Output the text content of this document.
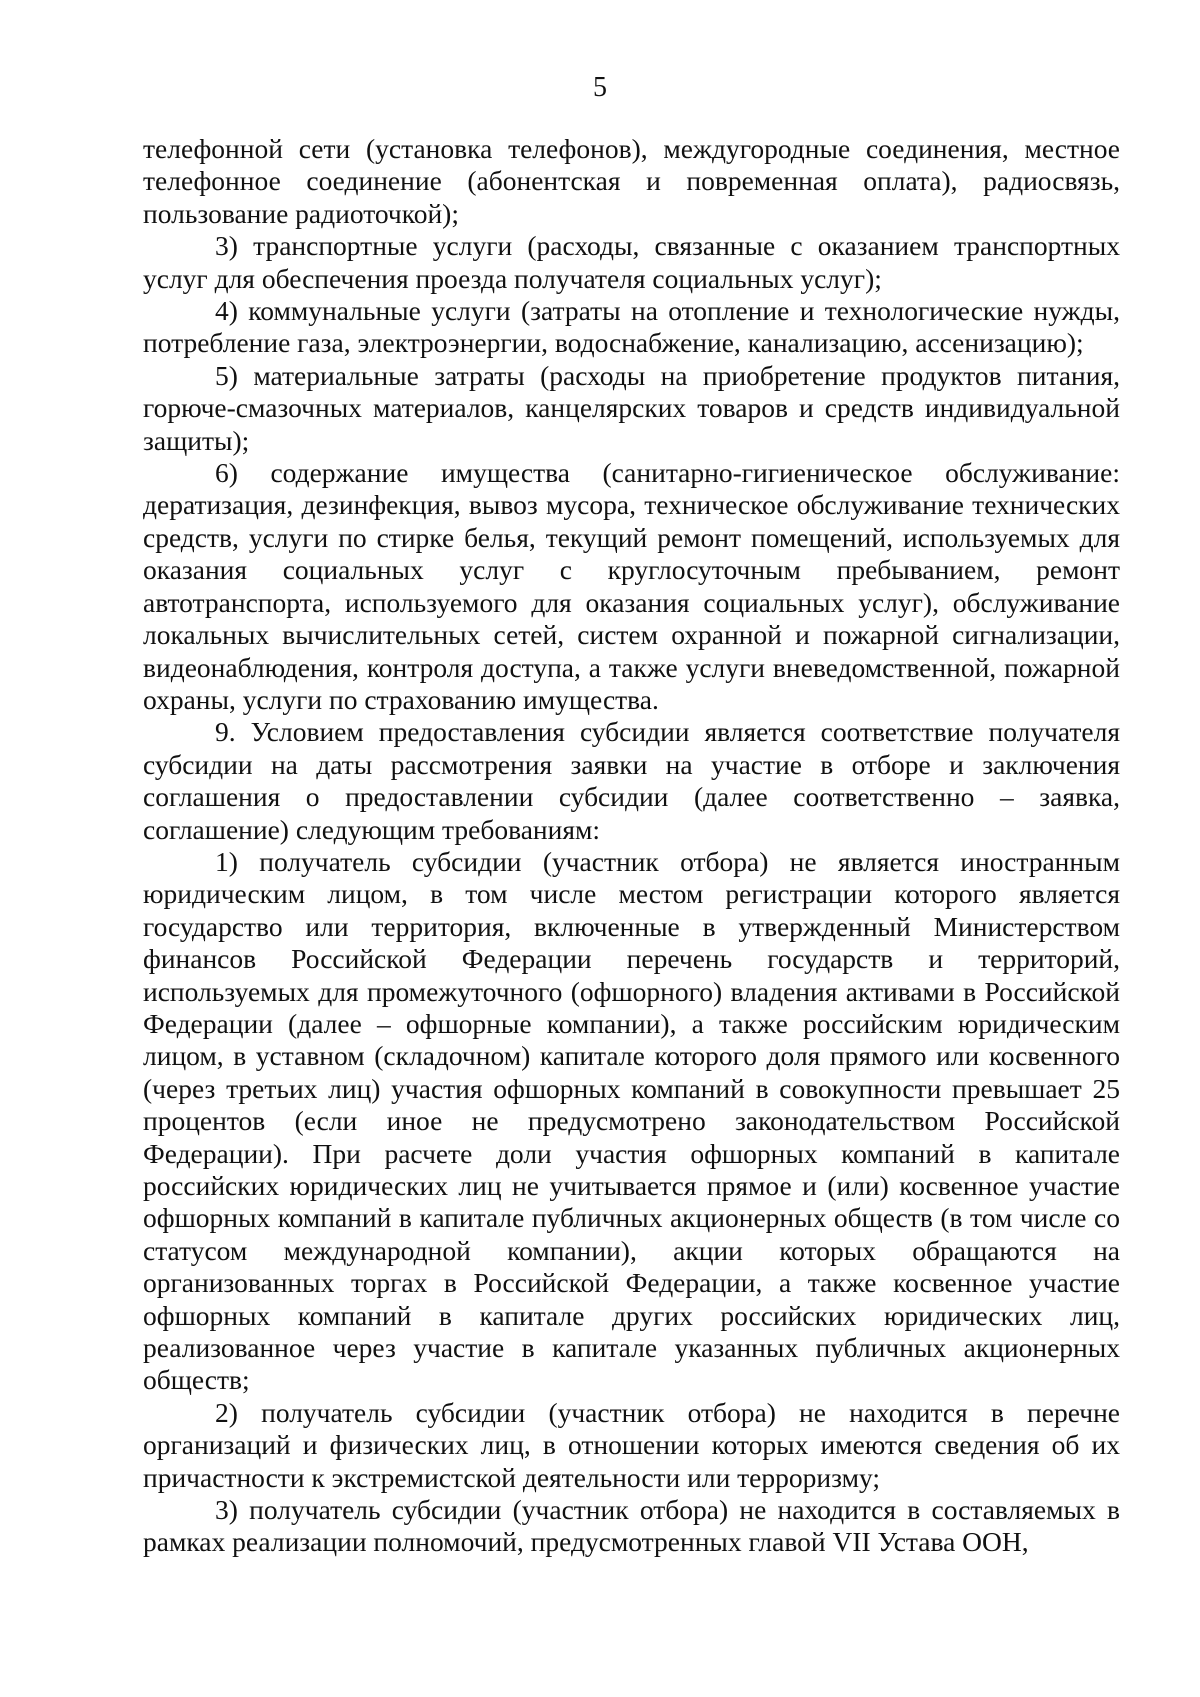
5

телефонной сети (установка телефонов), междугородные соединения, местное телефонное соединение (абонентская и повременная оплата), радиосвязь, пользование радиоточкой);

3) транспортные услуги (расходы, связанные с оказанием транспортных услуг для обеспечения проезда получателя социальных услуг);

4) коммунальные услуги (затраты на отопление и технологические нужды, потребление газа, электроэнергии, водоснабжение, канализацию, ассенизацию);

5) материальные затраты (расходы на приобретение продуктов питания, горюче-смазочных материалов, канцелярских товаров и средств индивидуальной защиты);

6) содержание имущества (санитарно-гигиеническое обслуживание: дератизация, дезинфекция, вывоз мусора, техническое обслуживание технических средств, услуги по стирке белья, текущий ремонт помещений, используемых для оказания социальных услуг с круглосуточным пребыванием, ремонт автотранспорта, используемого для оказания социальных услуг), обслуживание локальных вычислительных сетей, систем охранной и пожарной сигнализации, видеонаблюдения, контроля доступа, а также услуги вневедомственной, пожарной охраны, услуги по страхованию имущества.

9. Условием предоставления субсидии является соответствие получателя субсидии на даты рассмотрения заявки на участие в отборе и заключения соглашения о предоставлении субсидии (далее соответственно – заявка, соглашение) следующим требованиям:

1) получатель субсидии (участник отбора) не является иностранным юридическим лицом, в том числе местом регистрации которого является государство или территория, включенные в утвержденный Министерством финансов Российской Федерации перечень государств и территорий, используемых для промежуточного (офшорного) владения активами в Российской Федерации (далее – офшорные компании), а также российским юридическим лицом, в уставном (складочном) капитале которого доля прямого или косвенного (через третьих лиц) участия офшорных компаний в совокупности превышает 25 процентов (если иное не предусмотрено законодательством Российской Федерации). При расчете доли участия офшорных компаний в капитале российских юридических лиц не учитывается прямое и (или) косвенное участие офшорных компаний в капитале публичных акционерных обществ (в том числе со статусом международной компании), акции которых обращаются на организованных торгах в Российской Федерации, а также косвенное участие офшорных компаний в капитале других российских юридических лиц, реализованное через участие в капитале указанных публичных акционерных обществ;

2) получатель субсидии (участник отбора) не находится в перечне организаций и физических лиц, в отношении которых имеются сведения об их причастности к экстремистской деятельности или терроризму;

3) получатель субсидии (участник отбора) не находится в составляемых в рамках реализации полномочий, предусмотренных главой VII Устава ООН,
